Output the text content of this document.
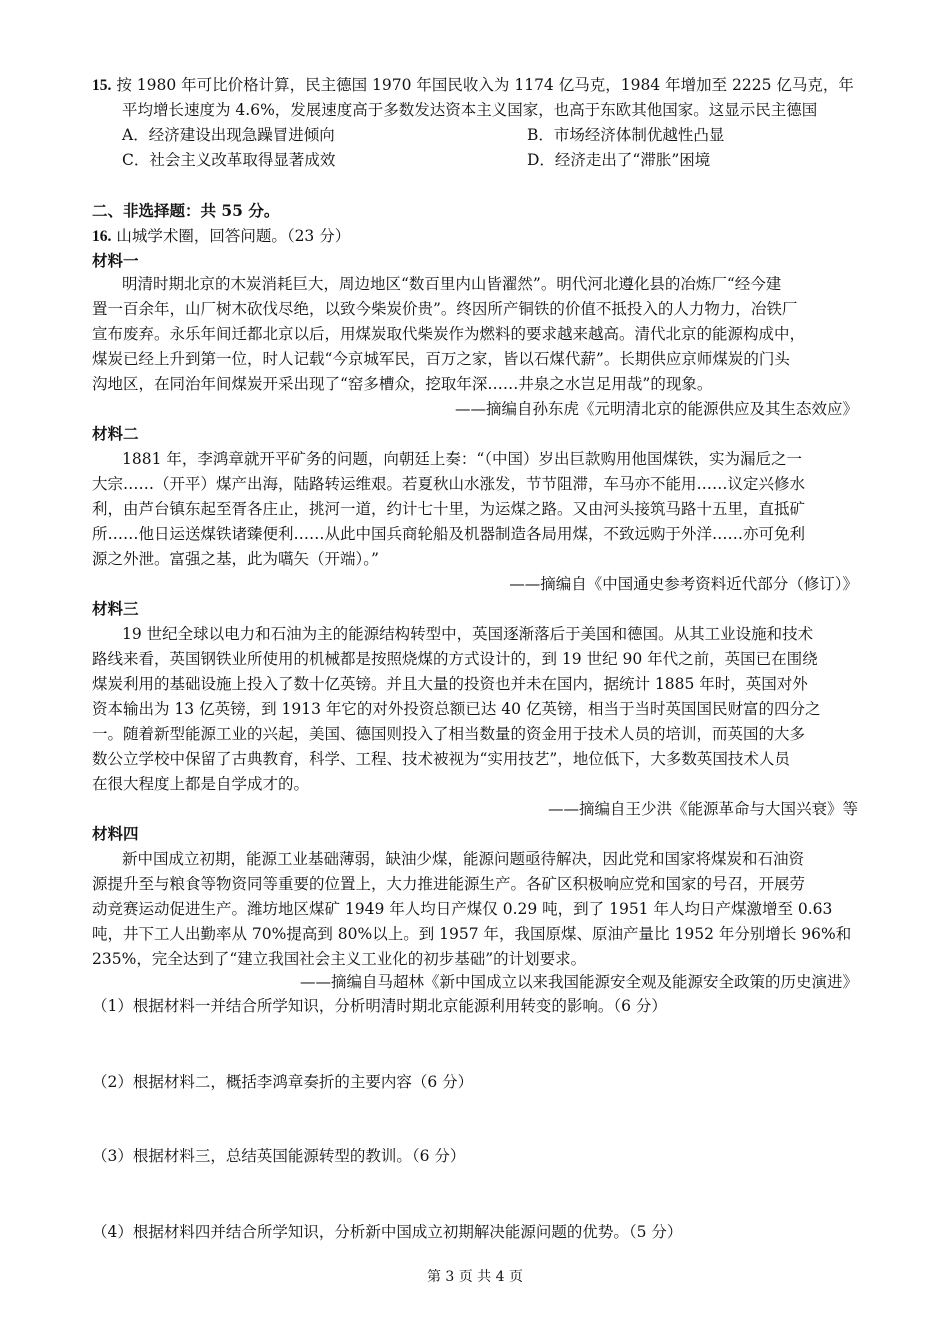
15. 按 1980 年可比价格计算，民主德国 1970 年国民收入为 1174 亿马克，1984 年增加至 2225 亿马克，年
平均增长速度为 4.6%，发展速度高于多数发达资本主义国家，也高于东欧其他国家。这显示民主德国
A．经济建设出现急躁冒进倾向	B．市场经济体制优越性凸显
C．社会主义改革取得显著成效	D．经济走出了“滞胀”困境
二、非选择题：共 55 分。
16. 山城学术圈，回答问题。（23 分）
材料一
明清时期北京的木炭消耗巨大，周边地区“数百里内山皆濯然”。明代河北遵化县的冶炼厂“经今建
置一百余年，山厂树木砍伐尽绝，以致今柴炭价贵”。终因所产铜铁的价值不抵投入的人力物力，冶铁厂
宣布废弃。永乐年间迁都北京以后，用煤炭取代柴炭作为燃料的要求越来越高。清代北京的能源构成中，
煤炭已经上升到第一位，时人记载“今京城军民，百万之家，皆以石煤代薪”。长期供应京师煤炭的门头
沟地区，在同治年间煤炭开采出现了“窑多槽众，挖取年深……井泉之水岂足用哉”的现象。
——摘编自孙东虎《元明清北京的能源供应及其生态效应》
材料二
1881 年，李鸿章就开平矿务的问题，向朝廷上奏：“（中国）岁出巨款购用他国煤铁，实为漏卮之一
大宗……（开平）煤产出海，陆路转运维艰。若夏秋山水涨发，节节阻滞，车马亦不能用……议定兴修水
利，由芦台镇东起至胥各庄止，挑河一道，约计七十里，为运煤之路。又由河头接筑马路十五里，直抵矿
所……他日运送煤铁诸臻便利……从此中国兵商轮船及机器制造各局用煤，不致远购于外洋……亦可免利
源之外泄。富强之基，此为嚆矢（开端）。”
——摘编自《中国通史参考资料近代部分（修订）》
材料三
19 世纪全球以电力和石油为主的能源结构转型中，英国逐渐落后于美国和德国。从其工业设施和技术
路线来看，英国钢铁业所使用的机械都是按照烧煤的方式设计的，到 19 世纪 90 年代之前，英国已在围绕
煤炭利用的基础设施上投入了数十亿英镑。并且大量的投资也并未在国内，据统计 1885 年时，英国对外
资本输出为 13 亿英镑，到 1913 年它的对外投资总额已达 40 亿英镑，相当于当时英国国民财富的四分之
一。随着新型能源工业的兴起，美国、德国则投入了相当数量的资金用于技术人员的培训，而英国的大多
数公立学校中保留了古典教育，科学、工程、技术被视为“实用技艺”，地位低下，大多数英国技术人员
在很大程度上都是自学成才的。
——摘编自王少洪《能源革命与大国兴衰》等
材料四
新中国成立初期，能源工业基础薄弱，缺油少煤，能源问题亟待解决，因此党和国家将煤炭和石油资
源提升至与粮食等物资同等重要的位置上，大力推进能源生产。各矿区积极响应党和国家的号召，开展劳
动竞赛运动促进生产。潍坊地区煤矿 1949 年人均日产煤仅 0.29 吨，到了 1951 年人均日产煤激增至 0.63
吨，井下工人出勤率从 70%提高到 80%以上。到 1957 年，我国原煤、原油产量比 1952 年分别增长 96%和
235%，完全达到了“建立我国社会主义工业化的初步基础”的计划要求。
——摘编自马超林《新中国成立以来我国能源安全观及能源安全政策的历史演进》
（1）根据材料一并结合所学知识，分析明清时期北京能源利用转变的影响。（6 分）
（2）根据材料二，概括李鸿章奏折的主要内容（6 分）
（3）根据材料三，总结英国能源转型的教训。（6 分）
（4）根据材料四并结合所学知识，分析新中国成立初期解决能源问题的优势。（5 分）
第 3 页 共 4 页
